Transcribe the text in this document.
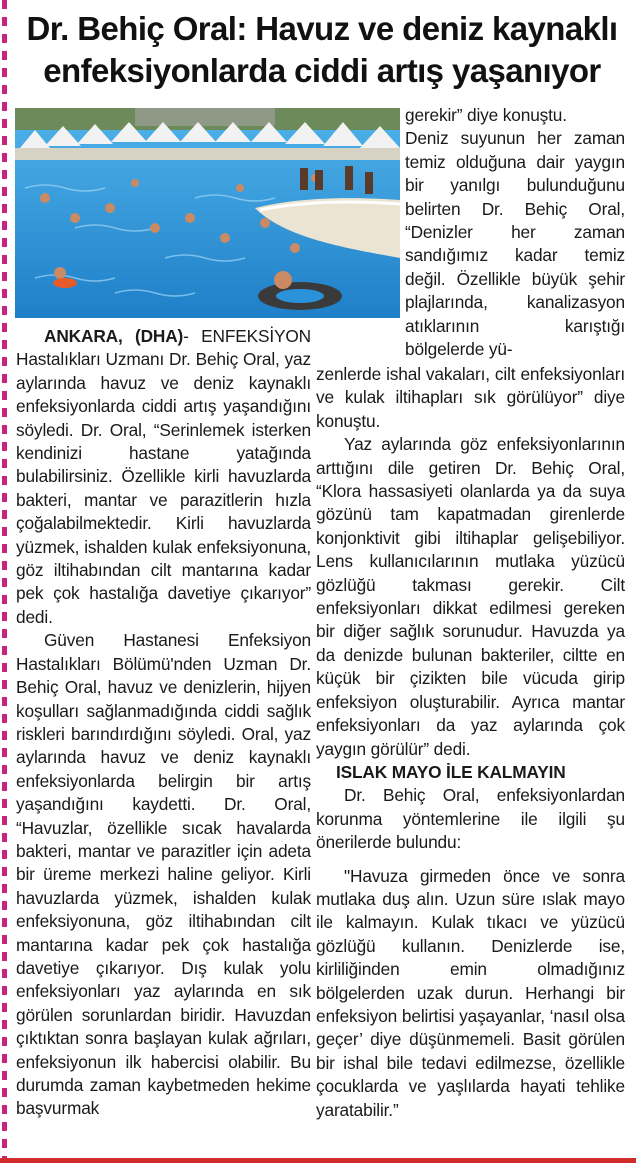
Dr. Behiç Oral: Havuz ve deniz kaynaklı
enfeksiyonlarda ciddi artış yaşanıyor

gerekir” diye konuştu.

Deniz suyunun her zaman temiz olduğuna dair yaygın bir yanılgı bulunduğunu belirten Dr. Behiç Oral, “Denizler her zaman sandığımız kadar temiz değil. Özellikle büyük şehir plajlarında, kanalizasyon atıklarının karıştığı bölgelerde yü-

ANKARA, (DHA)- ENFEKSİYON Hastalıkları Uzmanı Dr. Behiç Oral, yaz aylarında havuz ve deniz kaynaklı enfeksiyonlarda ciddi artış yaşandığını söyledi. Dr. Oral, “Serinlemek isterken kendinizi hastane yatağında bulabilirsiniz. Özellikle kirli havuzlarda bakteri, mantar ve parazitlerin hızla çoğalabilmektedir. Kirli havuzlarda yüzmek, ishalden kulak enfeksiyonuna, göz iltihabından cilt mantarına kadar pek çok hastalığa davetiye çıkarıyor” dedi.

Güven Hastanesi Enfeksiyon Hastalıkları Bölümü'nden Uzman Dr. Behiç Oral, havuz ve denizlerin, hijyen koşulları sağlanmadığında ciddi sağlık riskleri barındırdığını söyledi. Oral, yaz aylarında havuz ve deniz kaynaklı enfeksiyonlarda belirgin bir artış yaşandığını kaydetti. Dr. Oral, “Havuzlar, özellikle sıcak havalarda bakteri, mantar ve parazitler için adeta bir üreme merkezi haline geliyor. Kirli havuzlarda yüzmek, ishalden kulak enfeksiyonuna, göz iltihabından cilt mantarına kadar pek çok hastalığa davetiye çıkarıyor. Dış kulak yolu enfeksiyonları yaz aylarında en sık görülen sorunlardan biridir. Havuzdan çıktıktan sonra başlayan kulak ağrıları, enfeksiyonun ilk habercisi olabilir. Bu durumda zaman kaybetmeden hekime başvurmak

zenlerde ishal vakaları, cilt enfeksiyonları ve kulak iltihapları sık görülüyor” diye konuştu.

Yaz aylarında göz enfeksiyonlarının arttığını dile getiren Dr. Behiç Oral, “Klora hassasiyeti olanlarda ya da suya gözünü tam kapatmadan girenlerde konjonktivit gibi iltihaplar gelişebiliyor. Lens kullanıcılarının mutlaka yüzücü gözlüğü takması gerekir. Cilt enfeksiyonları dikkat edilmesi gereken bir diğer sağlık sorunudur. Havuzda ya da denizde bulunan bakteriler, ciltte en küçük bir çizikten bile vücuda girip enfeksiyon oluşturabilir. Ayrıca mantar enfeksiyonları da yaz aylarında çok yaygın görülür” dedi.

ISLAK MAYO İLE KALMAYIN

Dr. Behiç Oral, enfeksiyonlardan korunma yöntemlerine ile ilgili şu önerilerde bulundu:

"Havuza girmeden önce ve sonra mutlaka duş alın. Uzun süre ıslak mayo ile kalmayın. Kulak tıkacı ve yüzücü gözlüğü kullanın. Denizlerde ise, kirliliğinden emin olmadığınız bölgelerden uzak durun. Herhangi bir enfeksiyon belirtisi yaşayanlar, ‘nasıl olsa geçer’ diye düşünmemeli. Basit görülen bir ishal bile tedavi edilmezse, özellikle çocuklarda ve yaşlılarda hayati tehlike yaratabilir.”
